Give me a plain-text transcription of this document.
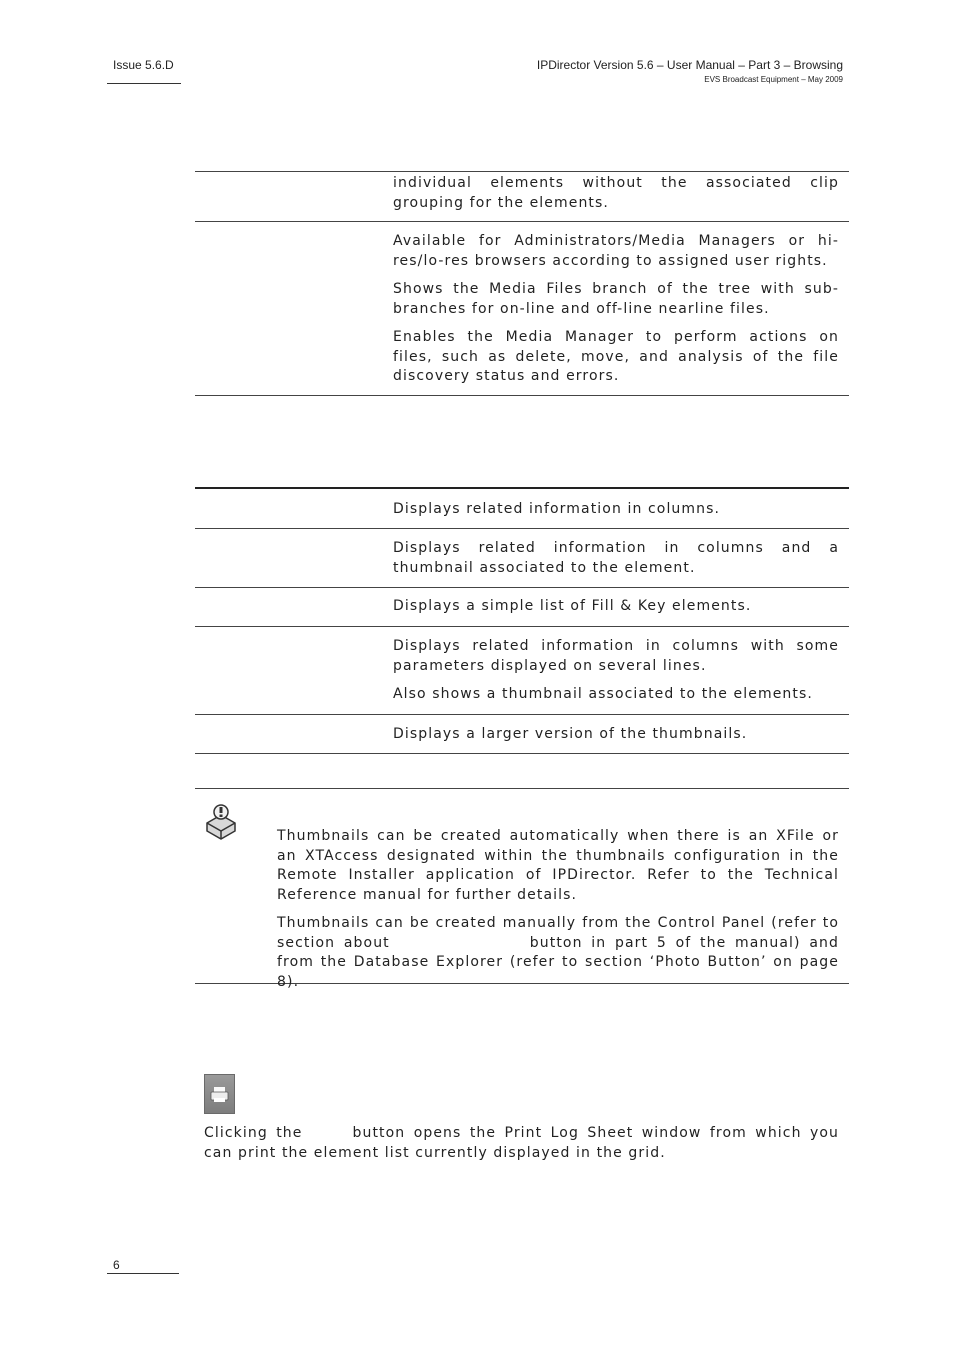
Issue 5.6.D	IPDirector Version 5.6 – User Manual – Part 3 – Browsing
EVS Broadcast Equipment – May 2009

individual elements without the associated clip grouping for the elements.

Available for Administrators/Media Managers or hi-res/lo-res browsers according to assigned user rights.

Shows the Media Files branch of the tree with sub-branches for on-line and off-line nearline files.

Enables the Media Manager to perform actions on files, such as delete, move, and analysis of the file discovery status and errors.

Displays related information in columns.

Displays related information in columns and a thumbnail associated to the element.

Displays a simple list of Fill & Key elements.

Displays related information in columns with some parameters displayed on several lines.

Also shows a thumbnail associated to the elements.

Displays a larger version of the thumbnails.

Thumbnails can be created automatically when there is an XFile or an XTAccess designated within the thumbnails configuration in the Remote Installer application of IPDirector. Refer to the Technical Reference manual for further details.

Thumbnails can be created manually from the Control Panel (refer to section about	button in part 5 of the manual) and from the Database Explorer (refer to section ‘Photo Button’ on page 8).

Clicking the	button opens the Print Log Sheet window from which you can print the element list currently displayed in the grid.

6
